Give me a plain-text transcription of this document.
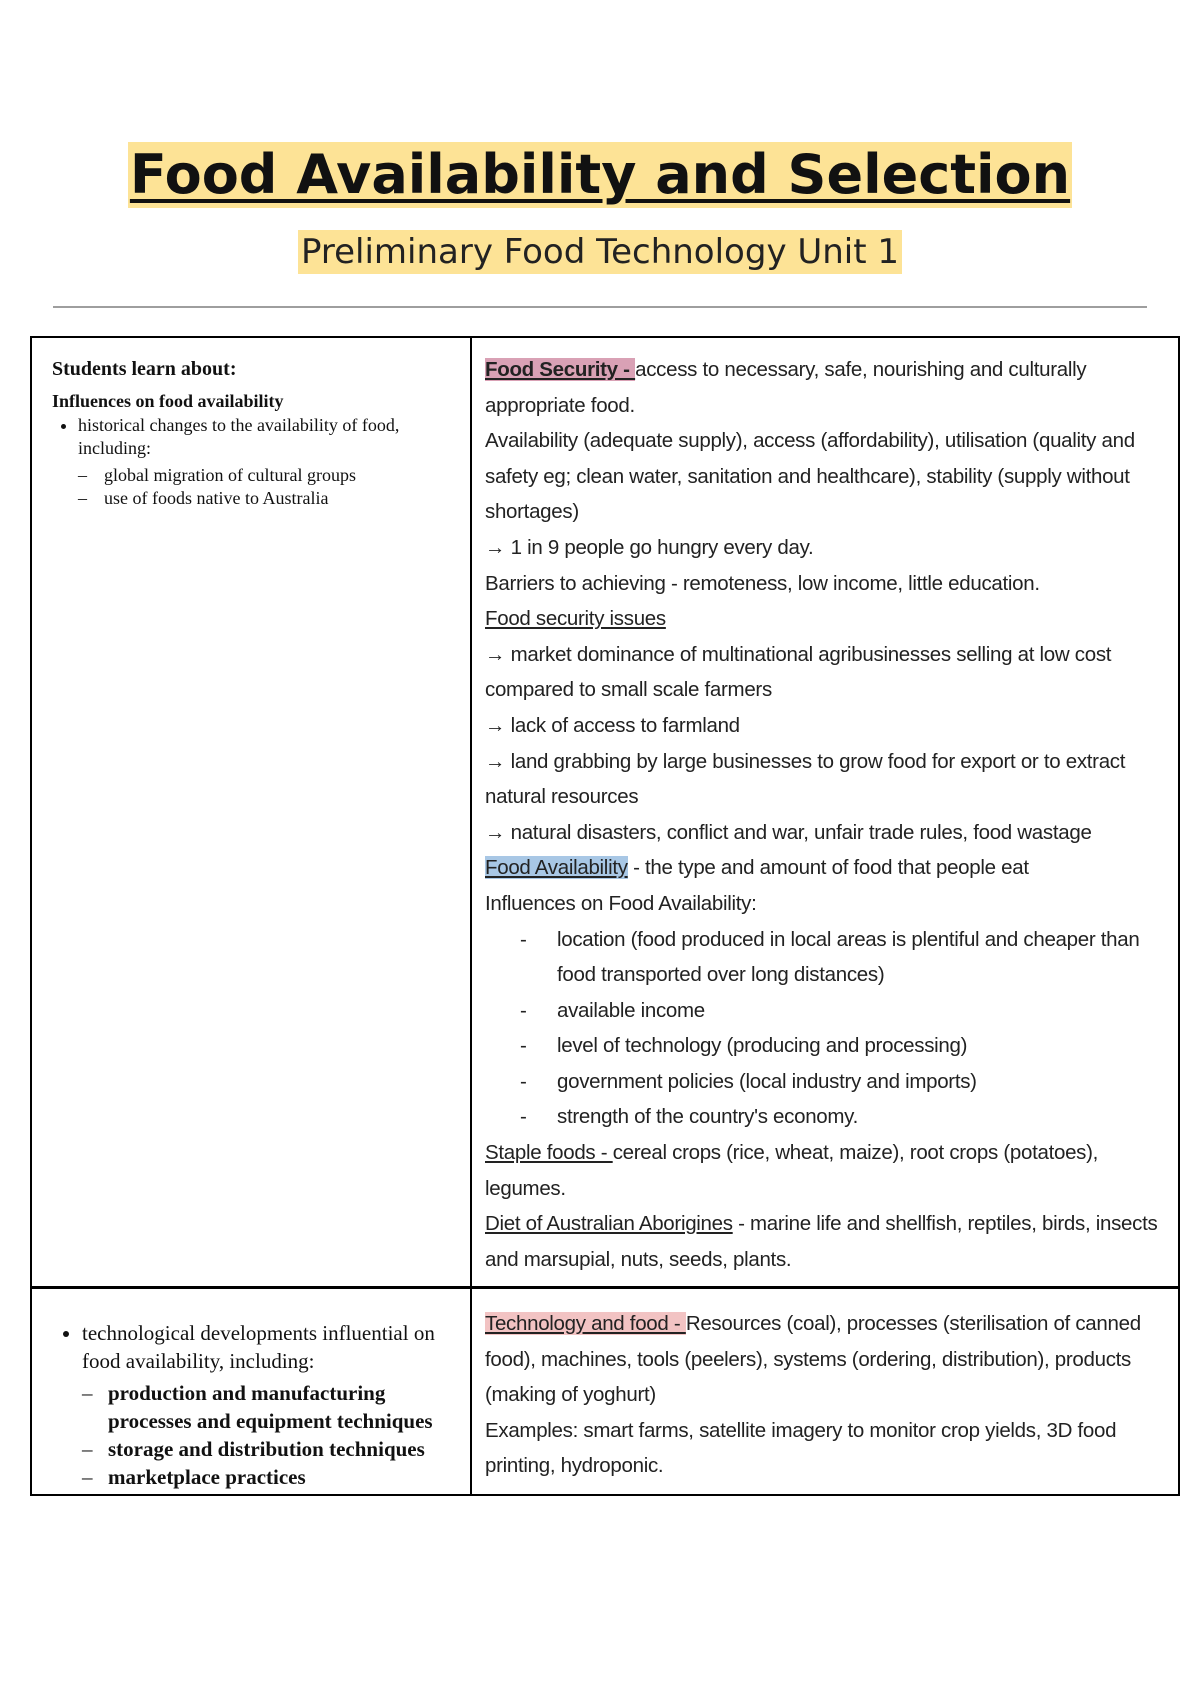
Food Availability and Selection
Preliminary Food Technology Unit 1
Students learn about:
Influences on food availability
• historical changes to the availability of food, including:
– global migration of cultural groups
– use of foods native to Australia
Food Security - access to necessary, safe, nourishing and culturally appropriate food.
Availability (adequate supply), access (affordability), utilisation (quality and safety eg; clean water, sanitation and healthcare), stability (supply without shortages)
→ 1 in 9 people go hungry every day.
Barriers to achieving - remoteness, low income, little education.
Food security issues
→ market dominance of multinational agribusinesses selling at low cost compared to small scale farmers
→ lack of access to farmland
→ land grabbing by large businesses to grow food for export or to extract natural resources
→ natural disasters, conflict and war, unfair trade rules, food wastage
Food Availability - the type and amount of food that people eat
Influences on Food Availability:
- location (food produced in local areas is plentiful and cheaper than food transported over long distances)
- available income
- level of technology (producing and processing)
- government policies (local industry and imports)
- strength of the country's economy.
Staple foods - cereal crops (rice, wheat, maize), root crops (potatoes), legumes.
Diet of Australian Aborigines - marine life and shellfish, reptiles, birds, insects and marsupial, nuts, seeds, plants.
• technological developments influential on food availability, including:
– production and manufacturing processes and equipment techniques
– storage and distribution techniques
– marketplace practices
Technology and food - Resources (coal), processes (sterilisation of canned food), machines, tools (peelers), systems (ordering, distribution), products (making of yoghurt)
Examples: smart farms, satellite imagery to monitor crop yields, 3D food printing, hydroponic.
